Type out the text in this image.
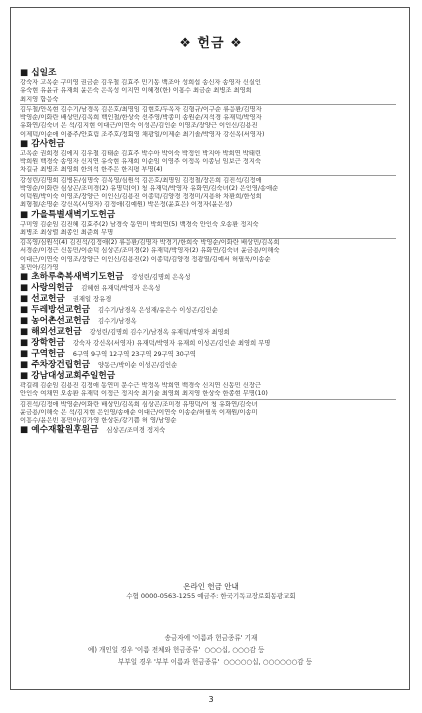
❖ 헌금 ❖
■ 십일조
강숙자 고옥순 구미영 권금순 김우철 김효주 민기동 백조아 성희섭 송신자 송영자 신실인
유숙현 유윤규 유재희 윤은숙 은옥성 이지연 이혜경(한) 이홍수 최금순 최병조 최영희
최지영 함응숙
김두철/안옥현 김수기/남경옥 김은호/최명임 김현호/두옥자 김형규/이구순 류응환/김명자
박영순/이화란 배상민/김옥희 백인철/한상숙 선주영/박종미 송원순/지석경 유재덕/박영자
유화연/김숙녀 은 석/김지현 이대근/이연숙 이성곤/김인순 이영조/장양근 이인신/김용진
이제덕/이순애 이충주/안효림 조주호/정회영 채광일/이제순 최기솔/박영자 강신옥(서영자)
■ 감사헌금
고옥순 권희경 김에지 김우철 김태순 김효주 박수아 박이숙 박정인 박지아 박희연 박태린
박희원 백경숙 송영자 신지연 유숙현 유재희 이순임 이영주 이정옥 이종님 임보근 정지숙
차길규 최병조 최영희 한의석 한주은 한지평 부명(4)
강성린/김명희 김병돈/심명숙 김옥영/심원석 김은호/최명임 김정철/장은희 김진석/김정애
박영순/이화란 심상곤/조미경(2) 유명덕(이) 청 유재덕/박영자 유화연/김숙녀(2) 은인영/송애순
이덕원/박이숙 이영조/장양근 이인신/김용진 이종덕/김양경 정경미/지용하 차환희/한성희
최형철/손명순 강신옥(서영자) 김정애(김예원) 박은정(윤효은) 이정자(윤은성)
■ 가을특별새벽기도헌금
구미영 김순임 김진혜 김효주(2) 남경숙 동연미 박희연(5) 백경숙 안인숙 오송환 정지숙
최병조 최상렬 최종인 최준희 무명
김옥영/심원석(4) 김진석/김정애(2) 류응환/김명자 박경기/한희숙 박영순/이화란 배상민/김옥희
서경순/이경근 신동민/이순덕 심상곤/조미경(2) 유재덕/박영자(2) 유화연/김숙녀 윤금용/이해숙
이대근/이연숙 이영조/장양근 이인신/김용진(2) 이종덕/김양경 정광열/김예서 허필욱/이송순
홍민아/김가영
■ 초하루축복새벽기도헌금 강성린/김명희 은옥성
■ 사랑의헌금 김혜현 유재덕/박영자 은옥성
■ 선교헌금 권재일 장유경
■ 두레방선교헌금 김수기/남경옥 은성재/유은수 이성곤/김인순
■ 농어촌선교헌금 김수기/남경옥
■ 해외선교헌금 강성린/김명희 김수기/남경옥 유재덕/박영자 최영희
■ 장학헌금 강숙자 강신옥(서영자) 유재덕/박영자 유재희 이성곤/김인순 최영희 무명
■ 구역헌금 6구역 9구역 12구역 23구역 29구역 30구역
■ 주차장건립헌금 양동근/박이순 이성곤/김인순
■ 강남대성교회주일헌금
곽길례 김순임 김용진 김정애 동연미 문수근 박정옥 박희연 백경숙 신지연 신동민 신장근
안인숙 여채연 오송환 유재덕 이정근 정지숙 최기술 최영희 최지영 한상숙 한종현 무명(10)
김진석/김정애 박영순/이화란 배상민/김옥희 심상곤/조미경 유명덕/이 청 유화연/김숙녀
윤금용/이해숙 은 석/김지현 은인영/송애순 이대근/이연숙 이송순/허필욱 이재원/이송미
이흥수/윤은빈 홍민아/김가영 한상돈/강기쁨 허 영/남영순
■ 예수재활원후원금 심상곤/조미경 정지숙
온라인 헌금 안내
수협 0000-0563-1255 예금주: 한국기독교장로회동광교회
송금자에 '이름과 헌금종류' 기재
예) 개인일 경우 '이름 전체와 헌금종류'  ○○○십, ○○○감 등
부부일 경우 '부부 이름과 헌금종류'  ○○○○○십, ○○○○○○감 등
3
